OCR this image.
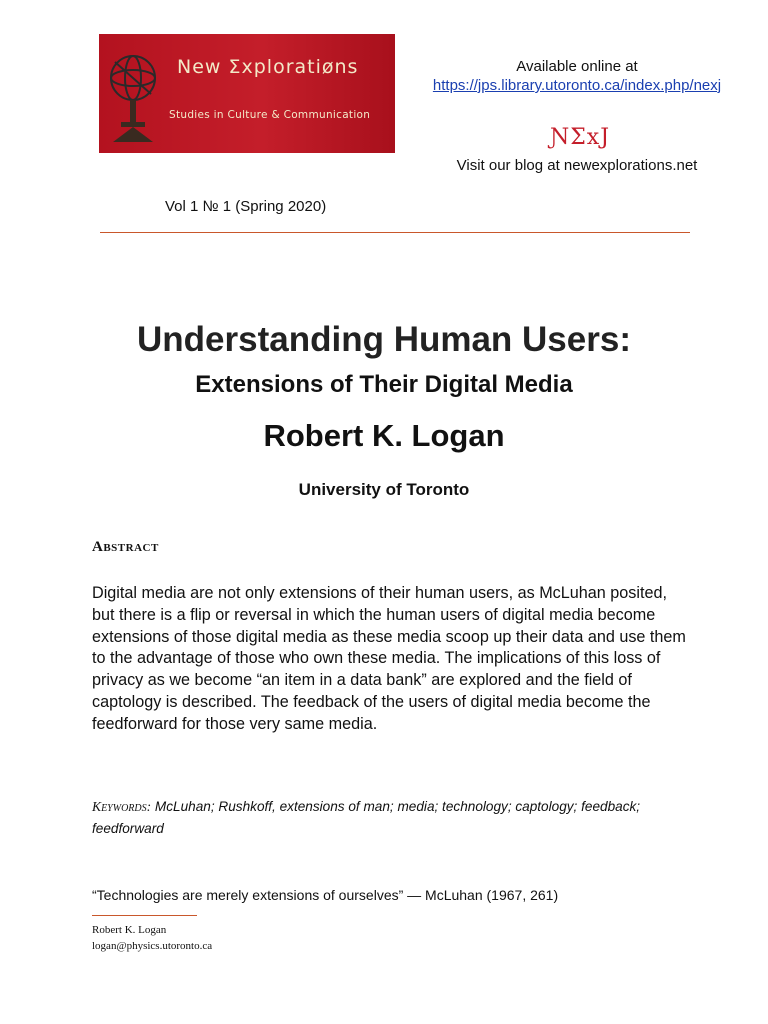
New Σxploratiøns
Studies in Culture & Communication
Available online at
https://jps.library.utoronto.ca/index.php/nexj
ƝΣxJ
Visit our blog at newexplorations.net
Vol 1 № 1 (Spring 2020)
Understanding Human Users:
Extensions of Their Digital Media
Robert K. Logan
University of Toronto
Abstract
Digital media are not only extensions of their human users, as McLuhan posited, but there is a flip or reversal in which the human users of digital media become extensions of those digital media as these media scoop up their data and use them to the advantage of those who own these media. The implications of this loss of privacy as we become “an item in a data bank” are explored and the field of captology is described. The feedback of the users of digital media become the feedforward for those very same media.
Keywords: McLuhan; Rushkoff, extensions of man; media; technology; captology; feedback; feedforward
“Technologies are merely extensions of ourselves” — McLuhan (1967, 261)
Robert K. Logan
logan@physics.utoronto.ca
